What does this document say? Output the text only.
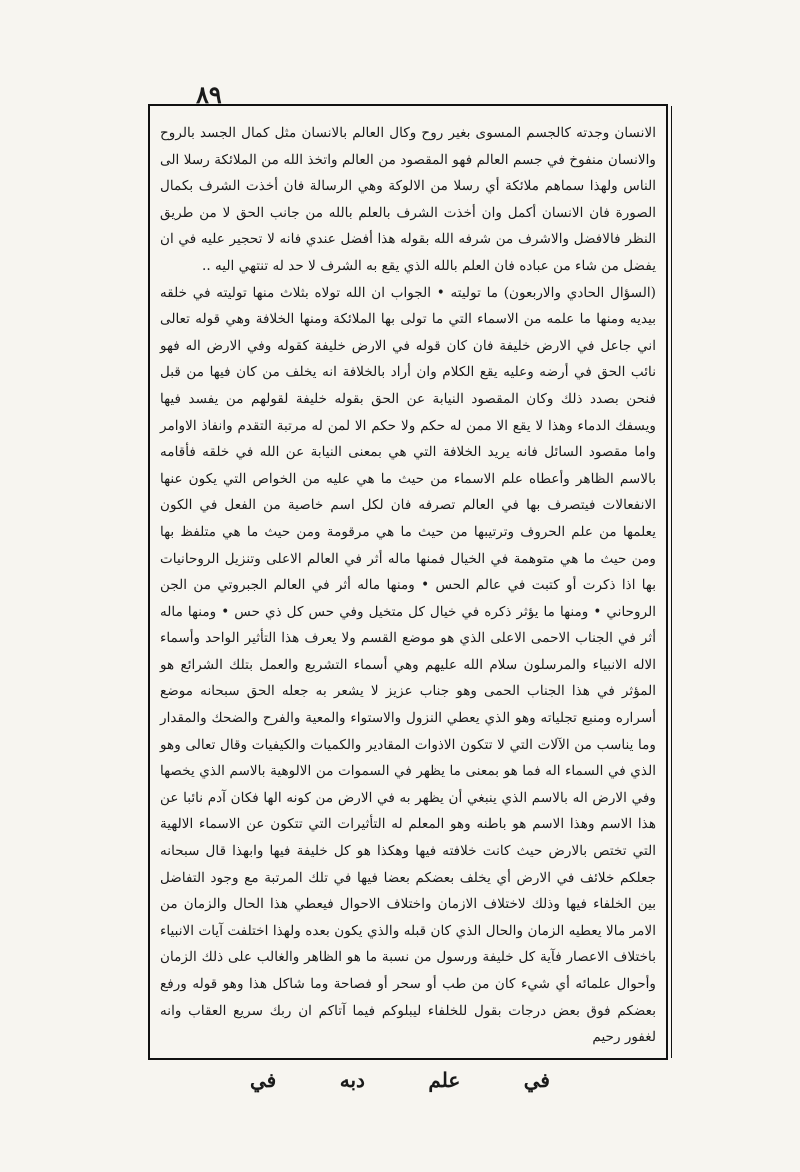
٨٩

الانسان وجدته كالجسم المسوى بغير روح وكال العالم بالانسان مثل كمال الجسد بالروح والانسان منفوخ في جسم العالم فهو المقصود من العالم واتخذ الله من الملائكة رسلا الى الناس ولهذا سماهم ملائكة أي رسلا من الالوكة وهي الرسالة فان أخذت الشرف بكمال الصورة فان الانسان أكمل وان أخذت الشرف بالعلم بالله من جانب الحق لا من طريق النظر فالافضل والاشرف من شرفه الله بقوله هذا أفضل عندي فانه لا تحجير عليه في ان يفضل من شاء من عباده فان العلم بالله الذي يقع به الشرف لا حد له تنتهي اليه ..
(السؤال الحادي والاربعون) ما توليته • الجواب ان الله تولاه بثلاث منها توليته في خلقه بيديه ومنها ما علمه من الاسماء التي ما تولى بها الملائكة ومنها الخلافة وهي قوله تعالى اني جاعل في الارض خليفة فان كان قوله في الارض خليفة كقوله وفي الارض اله فهو نائب الحق في أرضه وعليه يقع الكلام وان أراد بالخلافة انه يخلف من كان فيها من قبل فنحن بصدد ذلك وكان المقصود النيابة عن الحق بقوله خليفة لقولهم من يفسد فيها ويسفك الدماء وهذا لا يقع الا ممن له حكم ولا حكم الا لمن له مرتبة التقدم وانفاذ الاوامر واما مقصود السائل فانه يريد الخلافة التي هي بمعنى النيابة عن الله في خلقه فأقامه بالاسم الظاهر وأعطاه علم الاسماء من حيث ما هي عليه من الخواص التي يكون عنها الانفعالات فيتصرف بها في العالم تصرفه فان لكل اسم خاصية من الفعل في الكون يعلمها من علم الحروف وترتيبها من حيث ما هي مرقومة ومن حيث ما هي متلفظ بها ومن حيث ما هي متوهمة في الخيال فمنها ماله أثر في العالم الاعلى وتنزيل الروحانيات بها اذا ذكرت أو كتبت في عالم الحس • ومنها ماله أثر في العالم الجبروتي من الجن الروحاني • ومنها ما يؤثر ذكره في خيال كل متخيل وفي حس كل ذي حس • ومنها ماله أثر في الجناب الاحمى الاعلى الذي هو موضع القسم ولا يعرف هذا التأثير الواحد وأسماء الاله الانبياء والمرسلون سلام الله عليهم وهي أسماء التشريع والعمل بتلك الشرائع هو المؤثر في هذا الجناب الحمى وهو جناب عزيز لا يشعر به جعله الحق سبحانه موضع أسراره ومنبع تجلياته وهو الذي يعطي النزول والاستواء والمعية والفرح والضحك والمقدار وما يناسب من الآلات التي لا تتكون الاذوات المقادير والكميات والكيفيات وقال تعالى وهو الذي في السماء اله فما هو بمعنى ما يظهر في السموات من الالوهية بالاسم الذي يخصها وفي الارض اله بالاسم الذي ينبغي أن يظهر به في الارض من كونه الها فكان آدم نائبا عن هذا الاسم وهذا الاسم هو باطنه وهو المعلم له التأثيرات التي تتكون عن الاسماء الالهية التي تختص بالارض حيث كانت خلافته فيها وهكذا هو كل خليفة فيها وابهذا قال سبحانه جعلكم خلائف في الارض أي يخلف بعضكم بعضا فيها في تلك المرتبة مع وجود التفاضل بين الخلفاء فيها وذلك لاختلاف الازمان واختلاف الاحوال فيعطي هذا الحال والزمان من الامر مالا يعطيه الزمان والحال الذي كان قبله والذي يكون بعده ولهذا اختلفت آيات الانبياء باختلاف الاعصار فآية كل خليفة ورسول من نسبة ما هو الظاهر والغالب على ذلك الزمان وأحوال علمائه أي شيء كان من طب أو سحر أو فصاحة وما شاكل هذا وهو قوله ورفع بعضكم فوق بعض درجات بقول للخلفاء ليبلوكم فيما آتاكم ان ربك سريع العقاب وانه لغفور رحيم

في
علم
دبه
في
